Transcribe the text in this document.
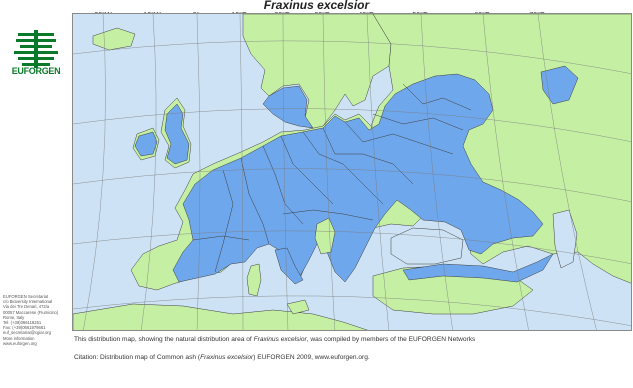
Fraxinus excelsior
EUFORGEN
EUFORGEN Secretariat
c/o Bioversity International
Via dei Tre Denari, 472/a
00057 Maccarese (Fiumicino)
Rome, Italy
Tel. (+39)066118251
Fax: (+39)0661979661
euf_secretariat@cgiar.org
More information
www.euforgen.org
This distribution map, showing the natural distribution area of Fraxinus excelsior, was compiled by members of the EUFORGEN Networks
Citation: Distribution map of Common ash (Fraxinus excelsior) EUFORGEN 2009, www.euforgen.org.
